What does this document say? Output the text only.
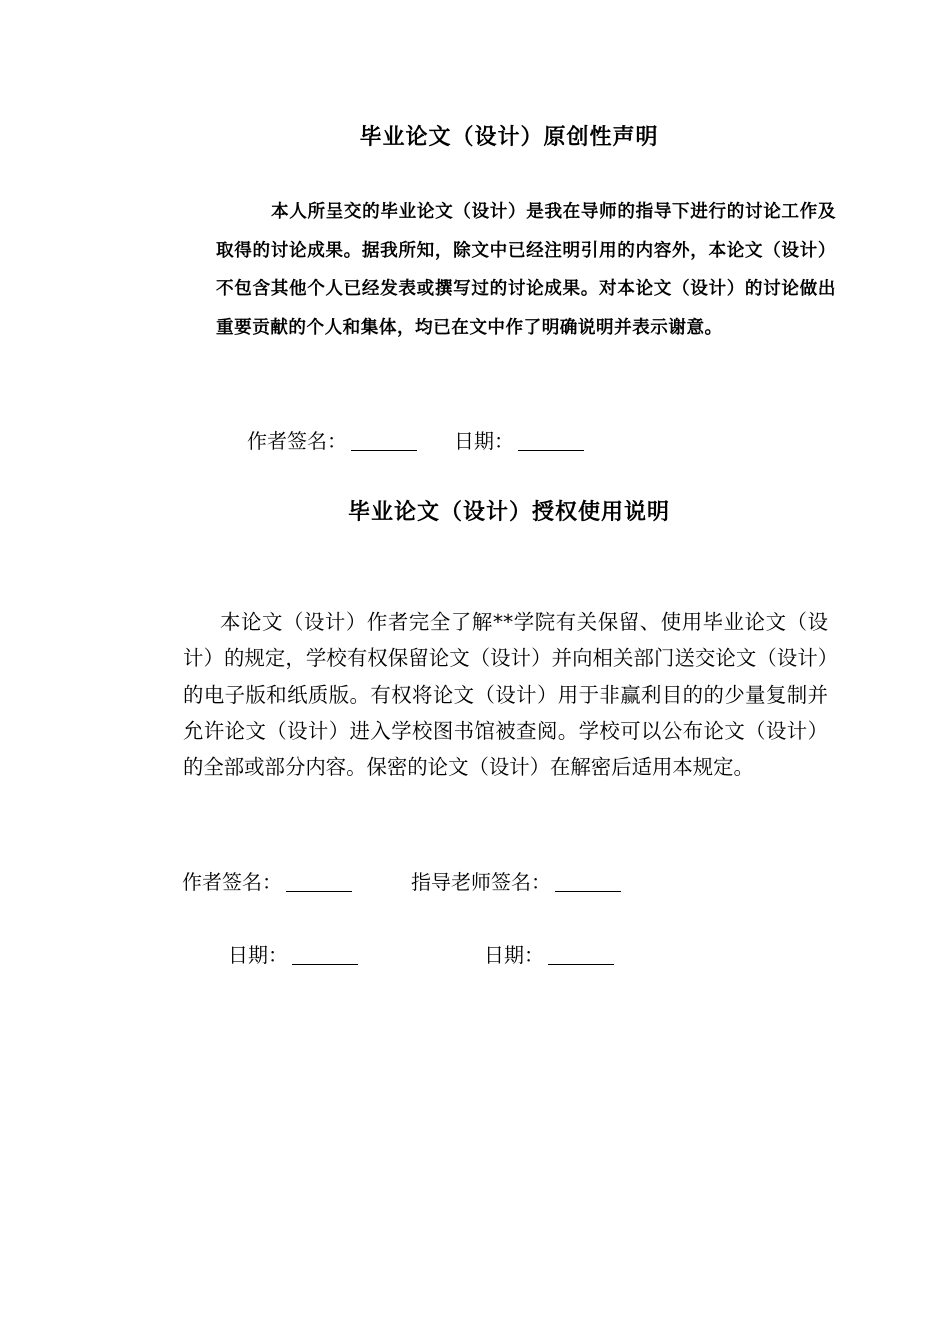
毕业论文（设计）原创性声明
本人所呈交的毕业论文（设计）是我在导师的指导下进行的讨论工作及取得的讨论成果。据我所知，除文中已经注明引用的内容外，本论文（设计）不包含其他个人已经发表或撰写过的讨论成果。对本论文（设计）的讨论做出重要贡献的个人和集体，均已在文中作了明确说明并表示谢意。
作者签名：	日期：
毕业论文（设计）授权使用说明
本论文（设计）作者完全了解**学院有关保留、使用毕业论文（设计）的规定，学校有权保留论文（设计）并向相关部门送交论文（设计）的电子版和纸质版。有权将论文（设计）用于非赢利目的的少量复制并允许论文（设计）进入学校图书馆被查阅。学校可以公布论文（设计）的全部或部分内容。保密的论文（设计）在解密后适用本规定。
作者签名：	指导老师签名：
日期：	日期：
